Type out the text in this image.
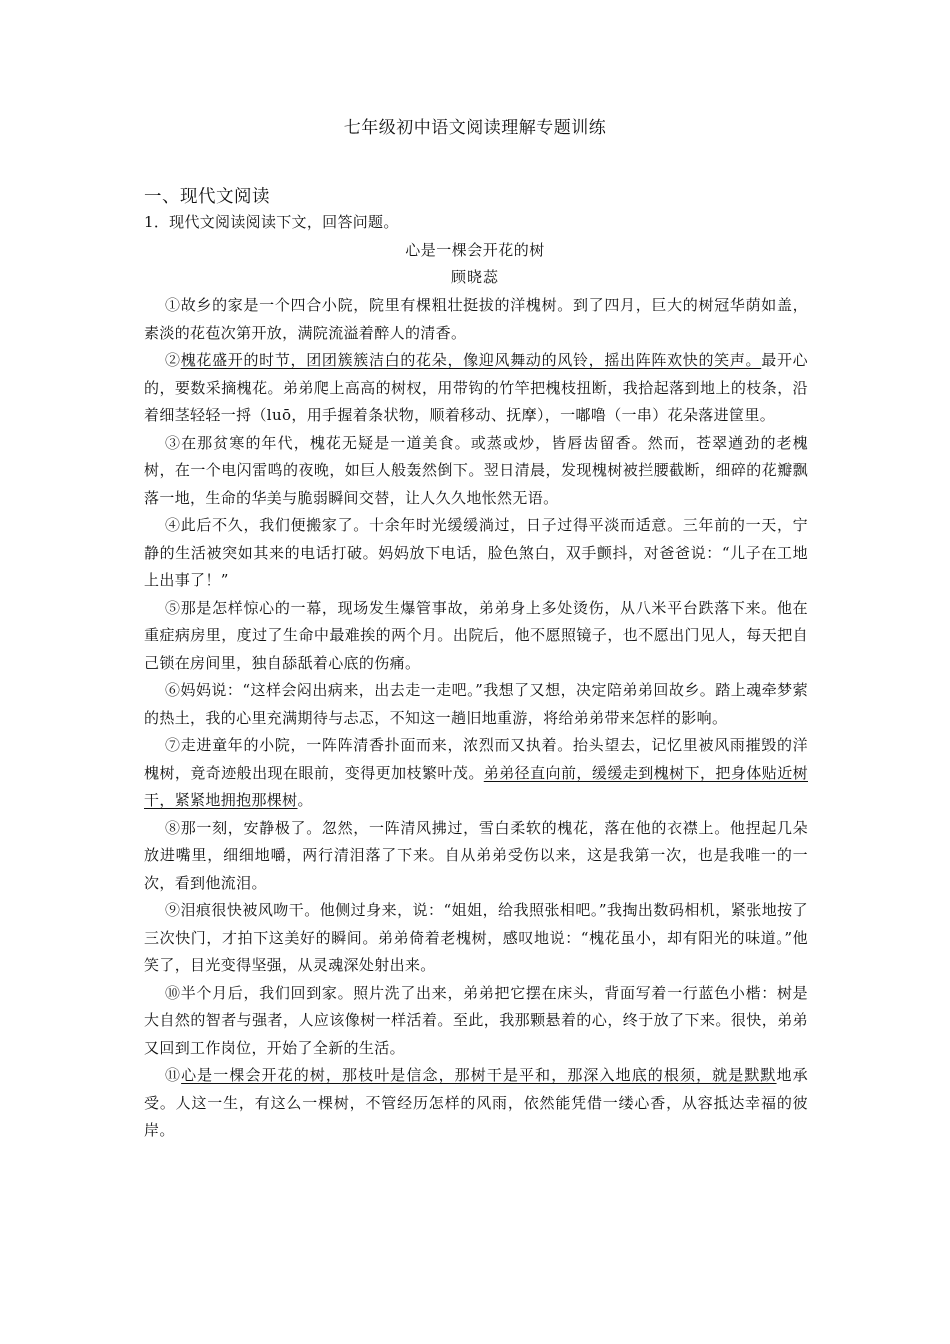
七年级初中语文阅读理解专题训练
一、现代文阅读
1．现代文阅读阅读下文，回答问题。
心是一棵会开花的树
顾晓蕊

①故乡的家是一个四合小院，院里有棵粗壮挺拔的洋槐树。到了四月，巨大的树冠华荫如盖，素淡的花苞次第开放，满院流溢着醉人的清香。

②槐花盛开的时节，团团簇簇洁白的花朵，像迎风舞动的风铃，摇出阵阵欢快的笑声。最开心的，要数采摘槐花。弟弟爬上高高的树杈，用带钩的竹竿把槐枝扭断，我拾起落到地上的枝条，沿着细茎轻轻一捋（luō，用手握着条状物，顺着移动、抚摩），一嘟噜（一串）花朵落进筐里。

③在那贫寒的年代，槐花无疑是一道美食。或蒸或炒，皆唇齿留香。然而，苍翠遒劲的老槐树，在一个电闪雷鸣的夜晚，如巨人般轰然倒下。翌日清晨，发现槐树被拦腰截断，细碎的花瓣飘落一地，生命的华美与脆弱瞬间交替，让人久久地怅然无语。

④此后不久，我们便搬家了。十余年时光缓缓淌过，日子过得平淡而适意。三年前的一天，宁静的生活被突如其来的电话打破。妈妈放下电话，脸色煞白，双手颤抖，对爸爸说：“儿子在工地上出事了！”

⑤那是怎样惊心的一幕，现场发生爆管事故，弟弟身上多处烫伤，从八米平台跌落下来。他在重症病房里，度过了生命中最难挨的两个月。出院后，他不愿照镜子，也不愿出门见人，每天把自己锁在房间里，独自舔舐着心底的伤痛。

⑥妈妈说：“这样会闷出病来，出去走一走吧。”我想了又想，决定陪弟弟回故乡。踏上魂牵梦萦的热土，我的心里充满期待与忐忑，不知这一趟旧地重游，将给弟弟带来怎样的影响。

⑦走进童年的小院，一阵阵清香扑面而来，浓烈而又执着。抬头望去，记忆里被风雨摧毁的洋槐树，竟奇迹般出现在眼前，变得更加枝繁叶茂。弟弟径直向前，缓缓走到槐树下，把身体贴近树干，紧紧地拥抱那棵树。

⑧那一刻，安静极了。忽然，一阵清风拂过，雪白柔软的槐花，落在他的衣襟上。他捏起几朵放进嘴里，细细地嚼，两行清泪落了下来。自从弟弟受伤以来，这是我第一次，也是我唯一的一次，看到他流泪。

⑨泪痕很快被风吻干。他侧过身来，说：“姐姐，给我照张相吧。”我掏出数码相机，紧张地按了三次快门，才拍下这美好的瞬间。弟弟倚着老槐树，感叹地说：“槐花虽小，却有阳光的味道。”他笑了，目光变得坚强，从灵魂深处射出来。

⑩半个月后，我们回到家。照片洗了出来，弟弟把它摆在床头，背面写着一行蓝色小楷：树是大自然的智者与强者，人应该像树一样活着。至此，我那颗悬着的心，终于放了下来。很快，弟弟又回到工作岗位，开始了全新的生活。

⑪心是一棵会开花的树，那枝叶是信念，那树干是平和，那深入地底的根须，就是默默地承受。人这一生，有这么一棵树，不管经历怎样的风雨，依然能凭借一缕心香，从容抵达幸福的彼岸。
